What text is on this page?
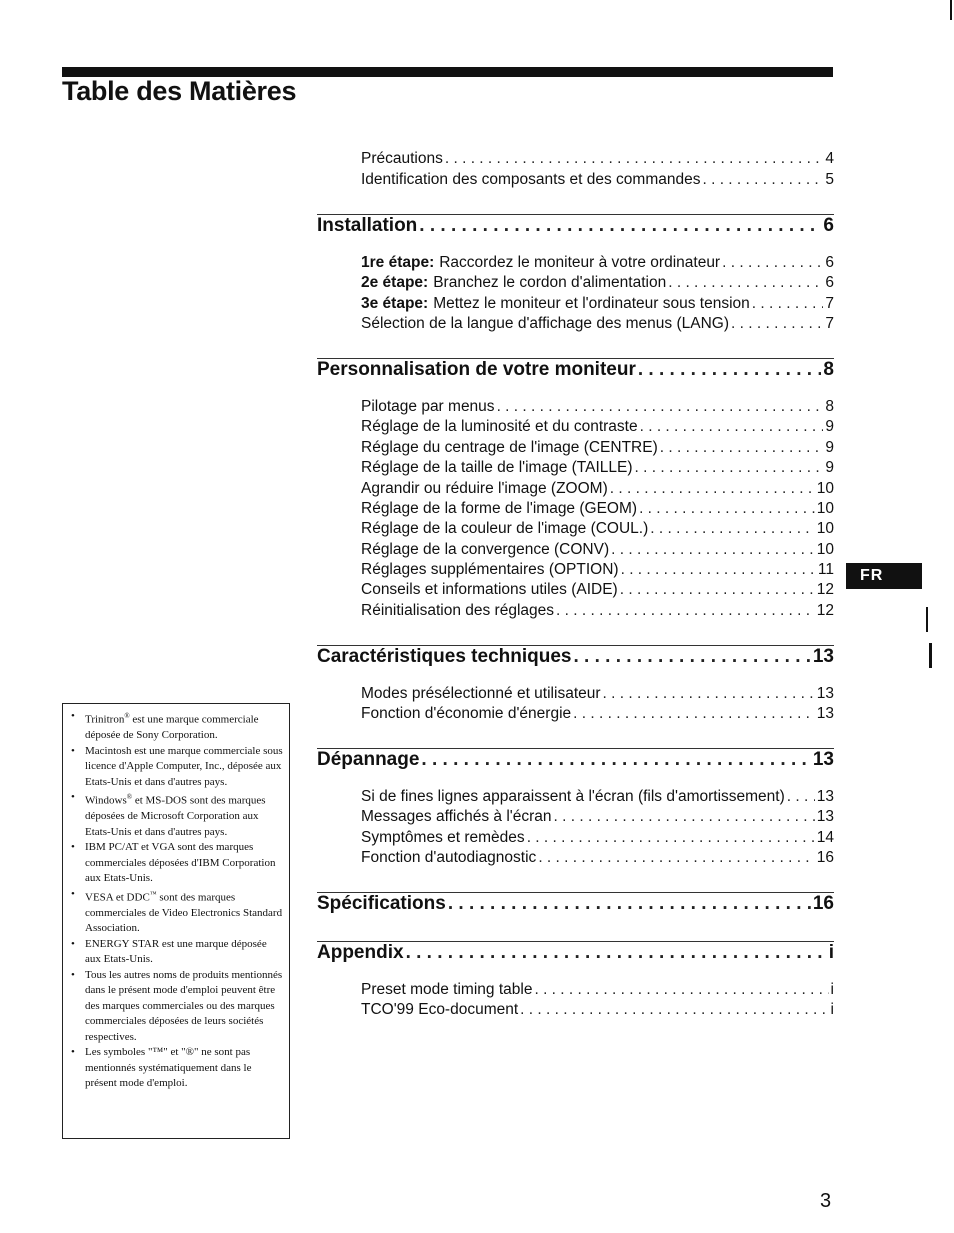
Table des Matières
Précautions . . .	4
Identification des composants et des commandes . . .	5
Installation . . .	6
1re étape: Raccordez le moniteur à votre ordinateur . . .	6
2e étape: Branchez le cordon d'alimentation . . .	6
3e étape: Mettez le moniteur et l'ordinateur sous tension . . .	7
Sélection de la langue d'affichage des menus (LANG) . . .	7
Personnalisation de votre moniteur . . .	8
Pilotage par menus . . .	8
Réglage de la luminosité et du contraste . . .	9
Réglage du centrage de l'image (CENTRE) . . .	9
Réglage de la taille de l'image (TAILLE) . . .	9
Agrandir ou réduire l'image (ZOOM) . . .	10
Réglage de la forme de l'image (GEOM) . . .	10
Réglage de la couleur de l'image (COUL.) . . .	10
Réglage de la convergence (CONV) . . .	10
Réglages supplémentaires (OPTION) . . .	11
Conseils et informations utiles (AIDE) . . .	12
Réinitialisation des réglages . . .	12
Caractéristiques techniques . . .	13
Modes présélectionné et utilisateur . . .	13
Fonction d'économie d'énergie . . .	13
Dépannage . . .	13
Si de fines lignes apparaissent à l'écran (fils d'amortissement) . . . 13
Messages affichés à l'écran . . .	13
Symptômes et remèdes . . .	14
Fonction d'autodiagnostic . . .	16
Spécifications . . .	16
Appendix . . .	i
Preset mode timing table . . .	i
TCO'99 Eco-document . . .	i
• Trinitron® est une marque commerciale déposée de Sony Corporation.
• Macintosh est une marque commerciale sous licence d'Apple Computer, Inc., déposée aux Etats-Unis et dans d'autres pays.
• Windows® et MS-DOS sont des marques déposées de Microsoft Corporation aux Etats-Unis et dans d'autres pays.
• IBM PC/AT et VGA sont des marques commerciales déposées d'IBM Corporation aux Etats-Unis.
• VESA et DDC™ sont des marques commerciales de Video Electronics Standard Association.
• ENERGY STAR est une marque déposée aux Etats-Unis.
• Tous les autres noms de produits mentionnés dans le présent mode d'emploi peuvent être des marques commerciales ou des marques commerciales déposées de leurs sociétés respectives.
• Les symboles "™" et "®" ne sont pas mentionnés systématiquement dans le présent mode d'emploi.
FR
3
